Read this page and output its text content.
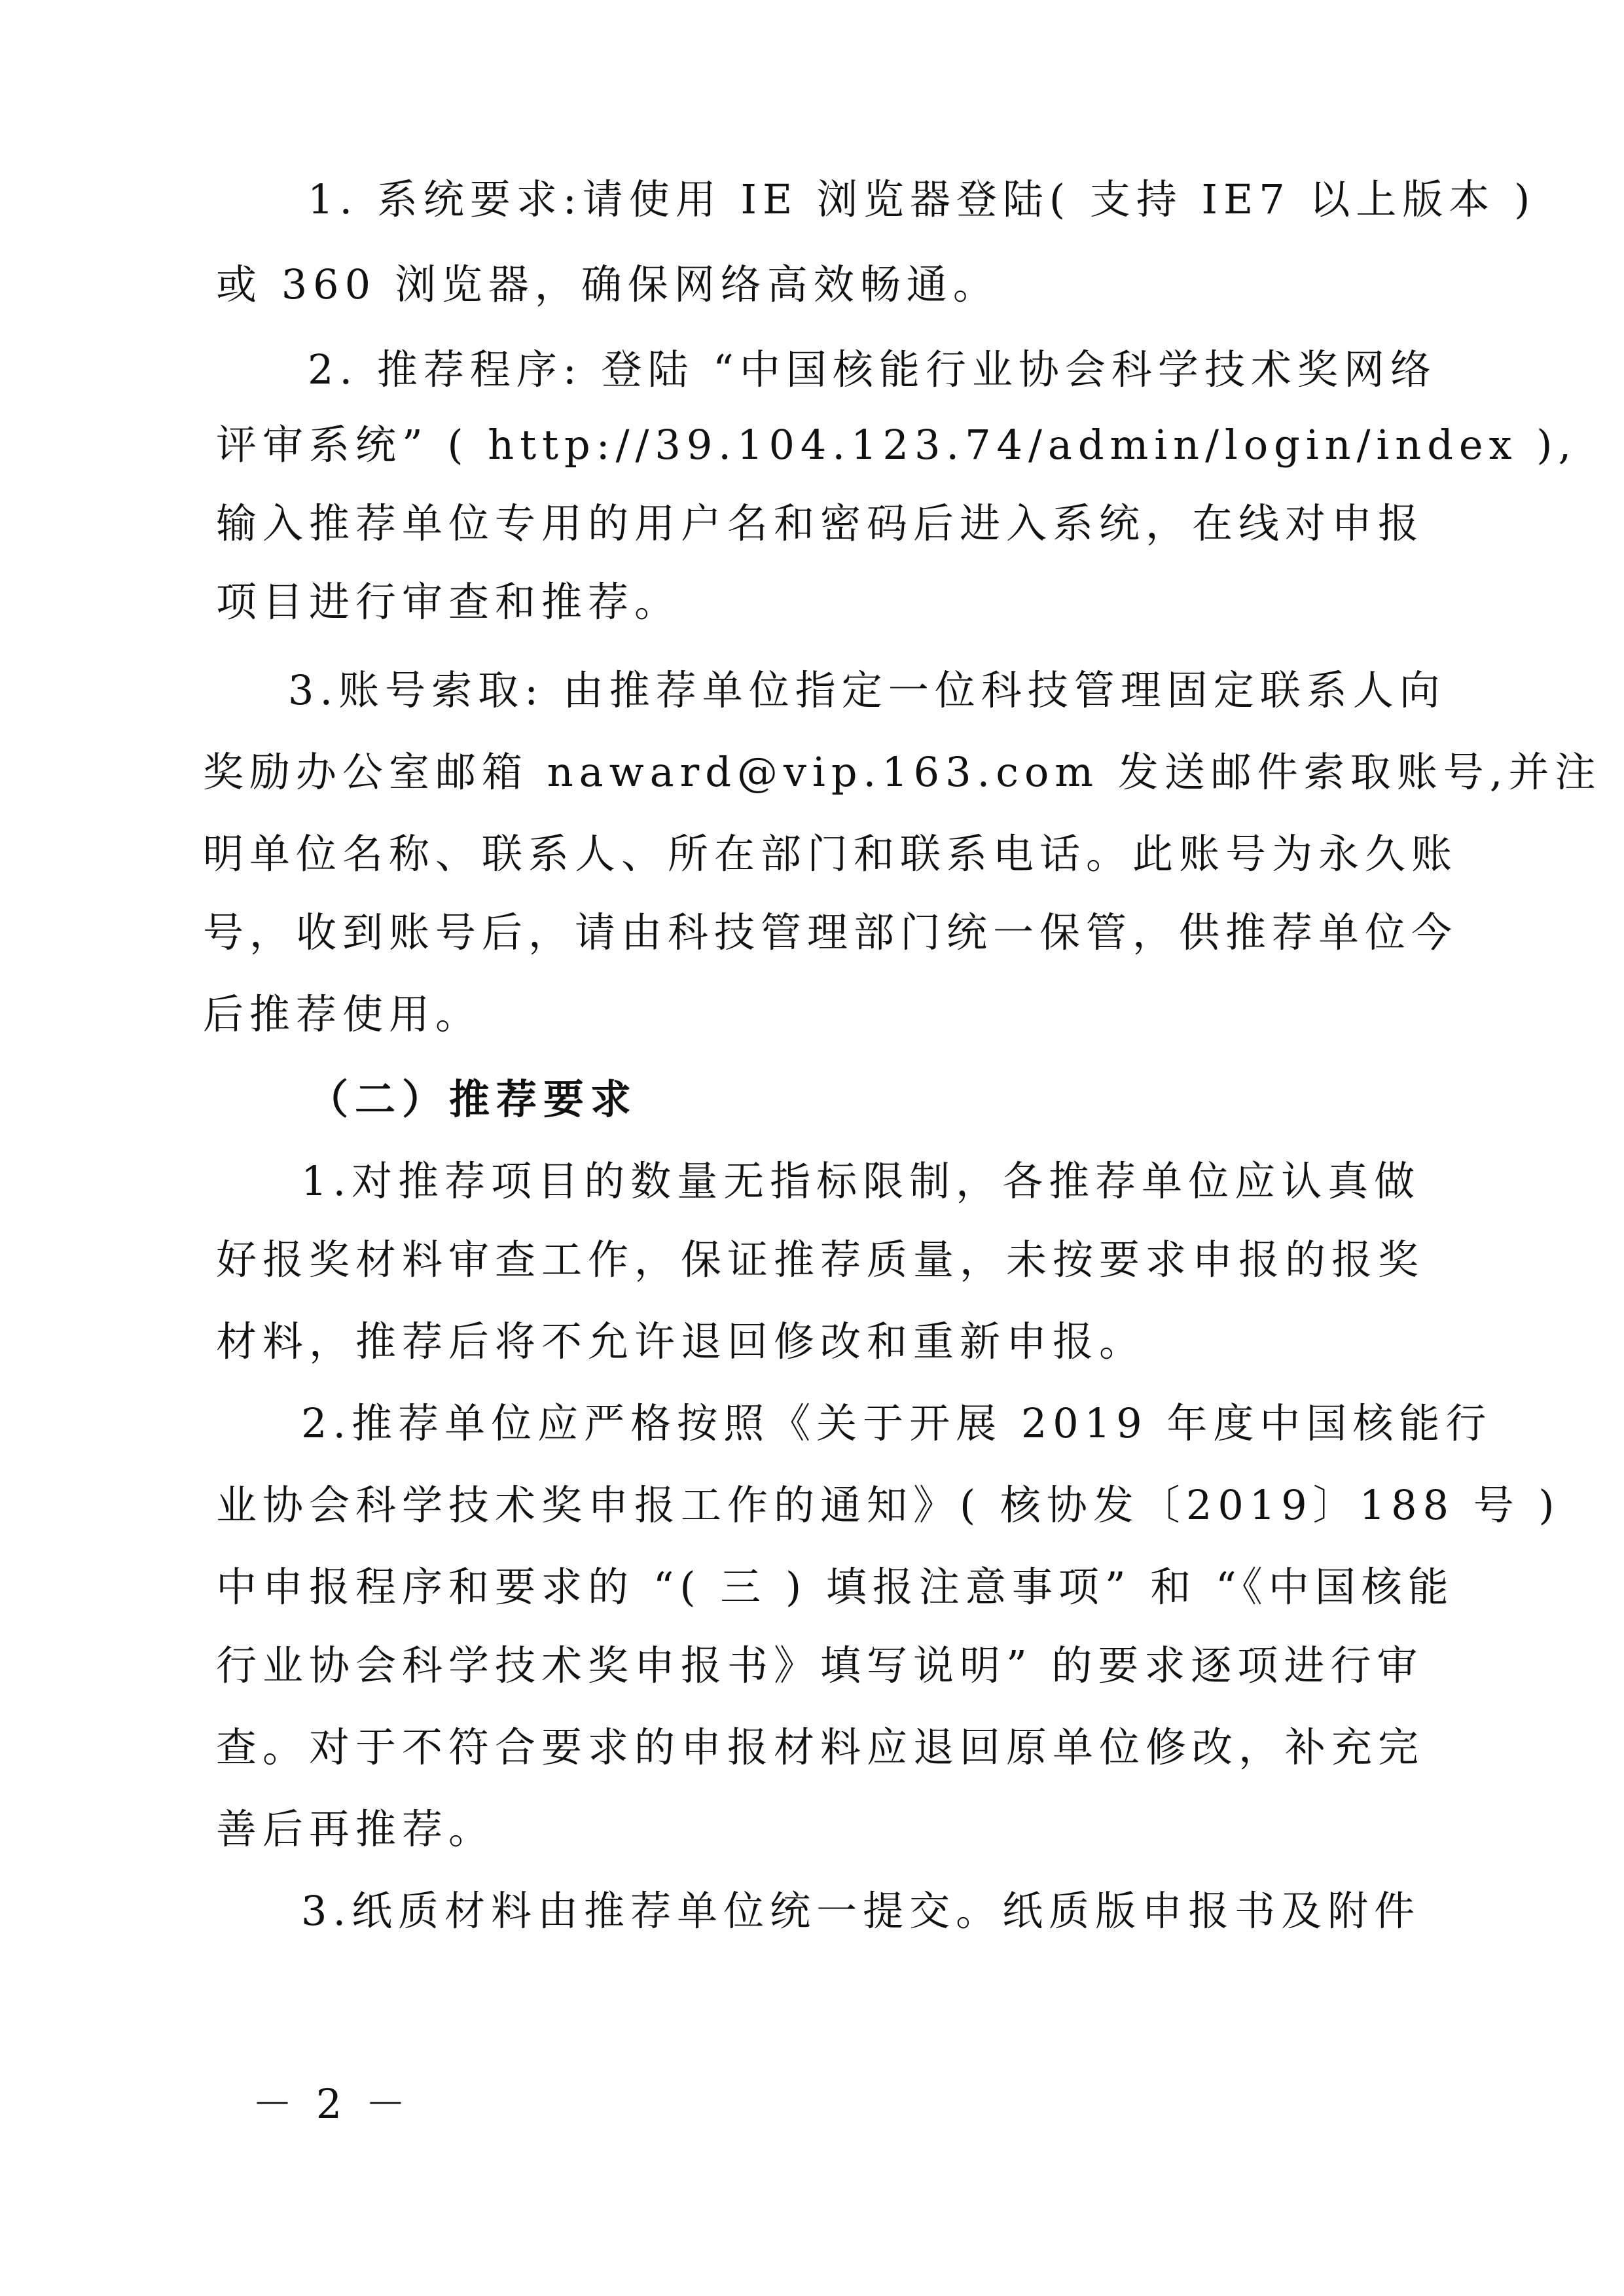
1. 系统要求:请使用 IE 浏览器登陆( 支持 IE7 以上版本 )
或 360 浏览器，确保网络高效畅通。
2. 推荐程序: 登陆 “中国核能行业协会科学技术奖网络
评审系统” ( http://39.104.123.74/admin/login/index ),
输入推荐单位专用的用户名和密码后进入系统，在线对申报
项目进行审查和推荐。
3.账号索取: 由推荐单位指定一位科技管理固定联系人向
奖励办公室邮箱 naward@vip.163.com 发送邮件索取账号,并注
明单位名称、联系人、所在部门和联系电话。此账号为永久账
号，收到账号后，请由科技管理部门统一保管，供推荐单位今
后推荐使用。
（二）推荐要求
1.对推荐项目的数量无指标限制，各推荐单位应认真做
好报奖材料审查工作，保证推荐质量，未按要求申报的报奖
材料，推荐后将不允许退回修改和重新申报。
2.推荐单位应严格按照《关于开展 2019 年度中国核能行
业协会科学技术奖申报工作的通知》( 核协发〔2019〕188 号 )
中申报程序和要求的 “( 三 ) 填报注意事项” 和 “《中国核能
行业协会科学技术奖申报书》填写说明” 的要求逐项进行审
查。对于不符合要求的申报材料应退回原单位修改，补充完
善后再推荐。
3.纸质材料由推荐单位统一提交。纸质版申报书及附件
－ 2 －
